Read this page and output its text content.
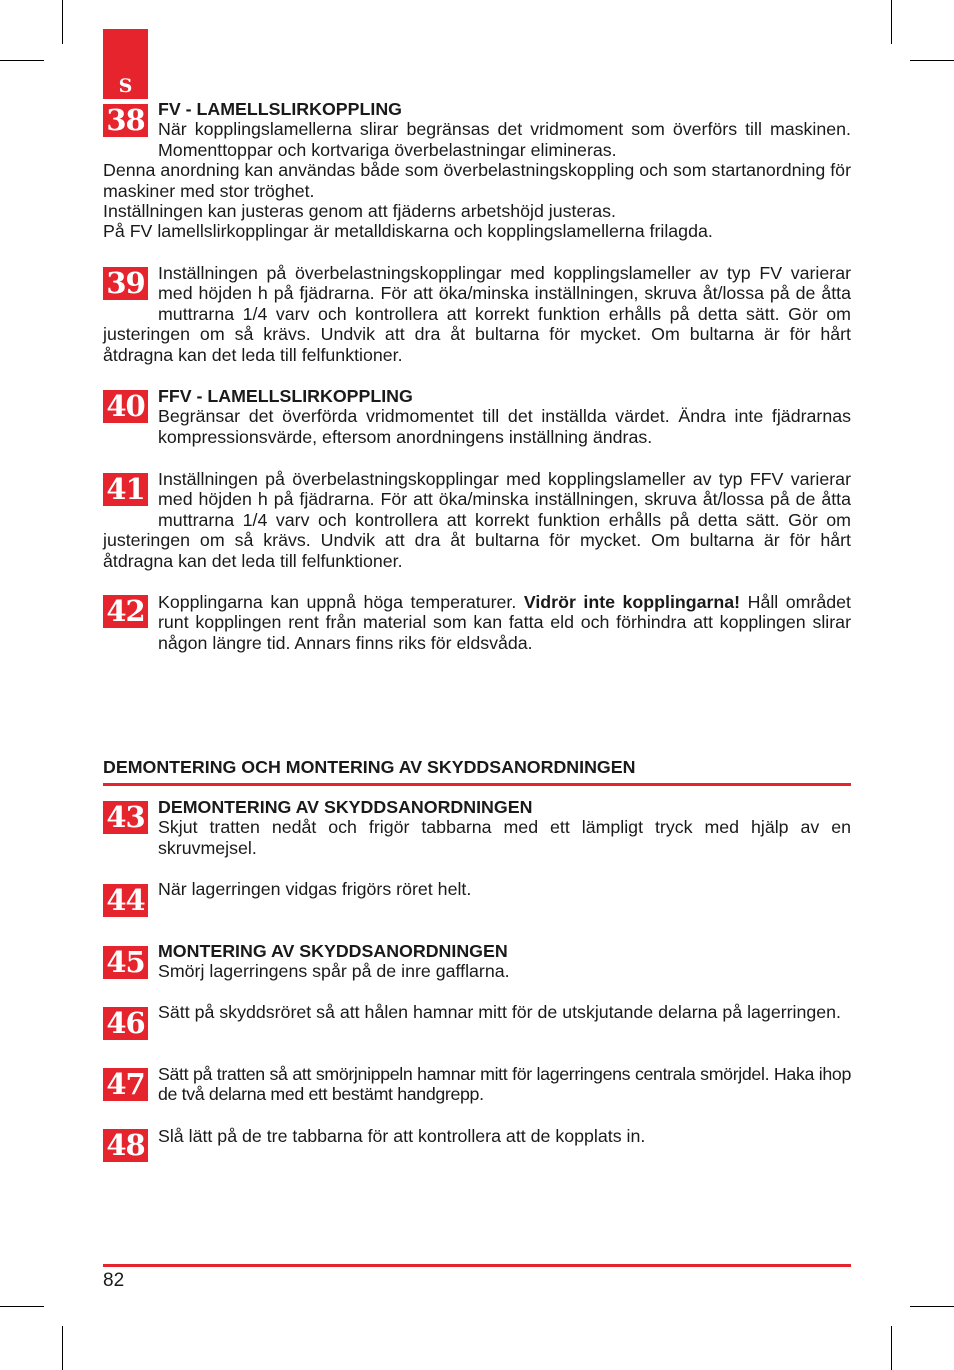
S
38 FV - LAMELLSLIRKOPPLING
När kopplingslamellerna slirar begränsas det vridmoment som överförs till maskinen. Momenttoppar och kortvariga överbelastningar elimineras.
Denna anordning kan användas både som överbelastningskoppling och som startanordning för maskiner med stor tröghet.
Inställningen kan justeras genom att fjäderns arbetshöjd justeras.
På FV lamellslirkopplingar är metalldiskarna och kopplingslamellerna frilagda.
39 Inställningen på överbelastningskopplingar med kopplingslameller av typ FV varierar med höjden h på fjädrarna. För att öka/minska inställningen, skruva åt/lossa på de åtta muttrarna 1/4 varv och kontrollera att korrekt funktion erhålls på detta sätt. Gör om justeringen om så krävs. Undvik att dra åt bultarna för mycket. Om bultarna är för hårt åtdragna kan det leda till felfunktioner.
40 FFV - LAMELLSLIRKOPPLING
Begränsar det överförda vridmomentet till det inställda värdet. Ändra inte fjädrarnas kompressionsvärde, eftersom anordningens inställning ändras.
41 Inställningen på överbelastningskopplingar med kopplingslameller av typ FFV varierar med höjden h på fjädrarna. För att öka/minska inställningen, skruva åt/lossa på de åtta muttrarna 1/4 varv och kontrollera att korrekt funktion erhålls på detta sätt. Gör om justeringen om så krävs. Undvik att dra åt bultarna för mycket. Om bultarna är för hårt åtdragna kan det leda till felfunktioner.
42 Kopplingarna kan uppnå höga temperaturer. Vidrör inte kopplingarna! Håll området runt kopplingen rent från material som kan fatta eld och förhindra att kopplingen slirar någon längre tid. Annars finns riks för eldsvåda.
DEMONTERING OCH MONTERING AV SKYDDSANORDNINGEN
43 DEMONTERING AV SKYDDSANORDNINGEN
Skjut tratten nedåt och frigör tabbarna med ett lämpligt tryck med hjälp av en skruvmejsel.
44 När lagerringen vidgas frigörs röret helt.
45 MONTERING AV SKYDDSANORDNINGEN
Smörj lagerringens spår på de inre gafflarna.
46 Sätt på skyddsröret så att hålen hamnar mitt för de utskjutande delarna på lagerringen.
47 Sätt på tratten så att smörjnippeln hamnar mitt för lagerringens centrala smörjdel. Haka ihop de två delarna med ett bestämt handgrepp.
48 Slå lätt på de tre tabbarna för att kontrollera att de kopplats in.
82
